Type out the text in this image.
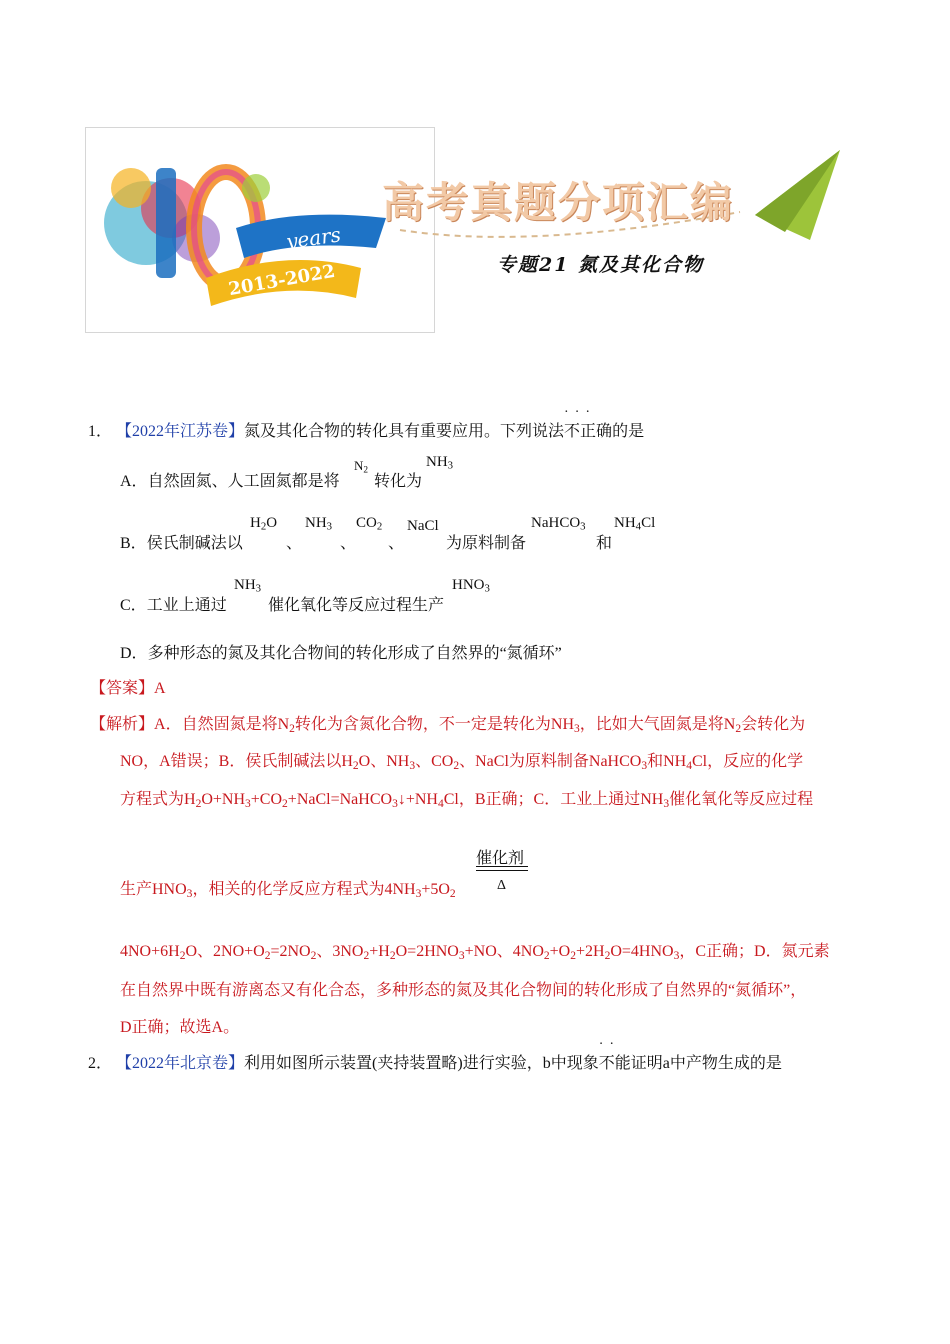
years
2013-2022
高考真题分项汇编
专题21 氮及其化合物
1． 【2022年江苏卷】氮及其化合物的转化具有重要应用。下列说法··· 不正确的是
A．自然固氮、人工固氮都是将
$N_2$
转化为
$NH_3$
B．侯氏制碱法以
$H_2O$
、
$NH_3$
、
$CO_2$
、
NaCl
为原料制备
NaHCO$_3$
和
$NH_4Cl$
C．工业上通过
$NH_3$
催化氧化等反应过程生产
$HNO_3$
D．多种形态的氮及其化合物间的转化形成了自然界的“氮循环”
【答案】A
【解析】A．自然固氮是将$N_2$转化为含氮化合物，不一定是转化为$NH_3$，比如大气固氮是将$N_2$会转化为
NO，A错误；B．侯氏制碱法以$H_2O$、$NH_3$、$CO_2$、NaCl为原料制备NaHCO$_3$和$NH_4Cl$，反应的化学
方程式为$H_2O+NH_3+CO_2+NaCl=NaHCO_3↓+NH_4Cl$，B正确；C．工业上通过$NH_3$催化氧化等反应过程
催化剂
Δ
生产$HNO_3$，相关的化学反应方程式为$4NH_3+5O_2$
$4NO+6H_2O$、$2NO+O_2=2NO_2$、$3NO_2+H_2O=2HNO_3+NO$、$4NO_2+O_2+2H_2O=4HNO_3$，C正确；D．氮元素
在自然界中既有游离态又有化合态，多种形态的氮及其化合物间的转化形成了自然界的“氮循环”，
D正确；故选A。
2． 【2022年北京卷】利用如图所示装置(夹持装置略)进行实验，b中现象·· 不能证明a中产物生成的是
